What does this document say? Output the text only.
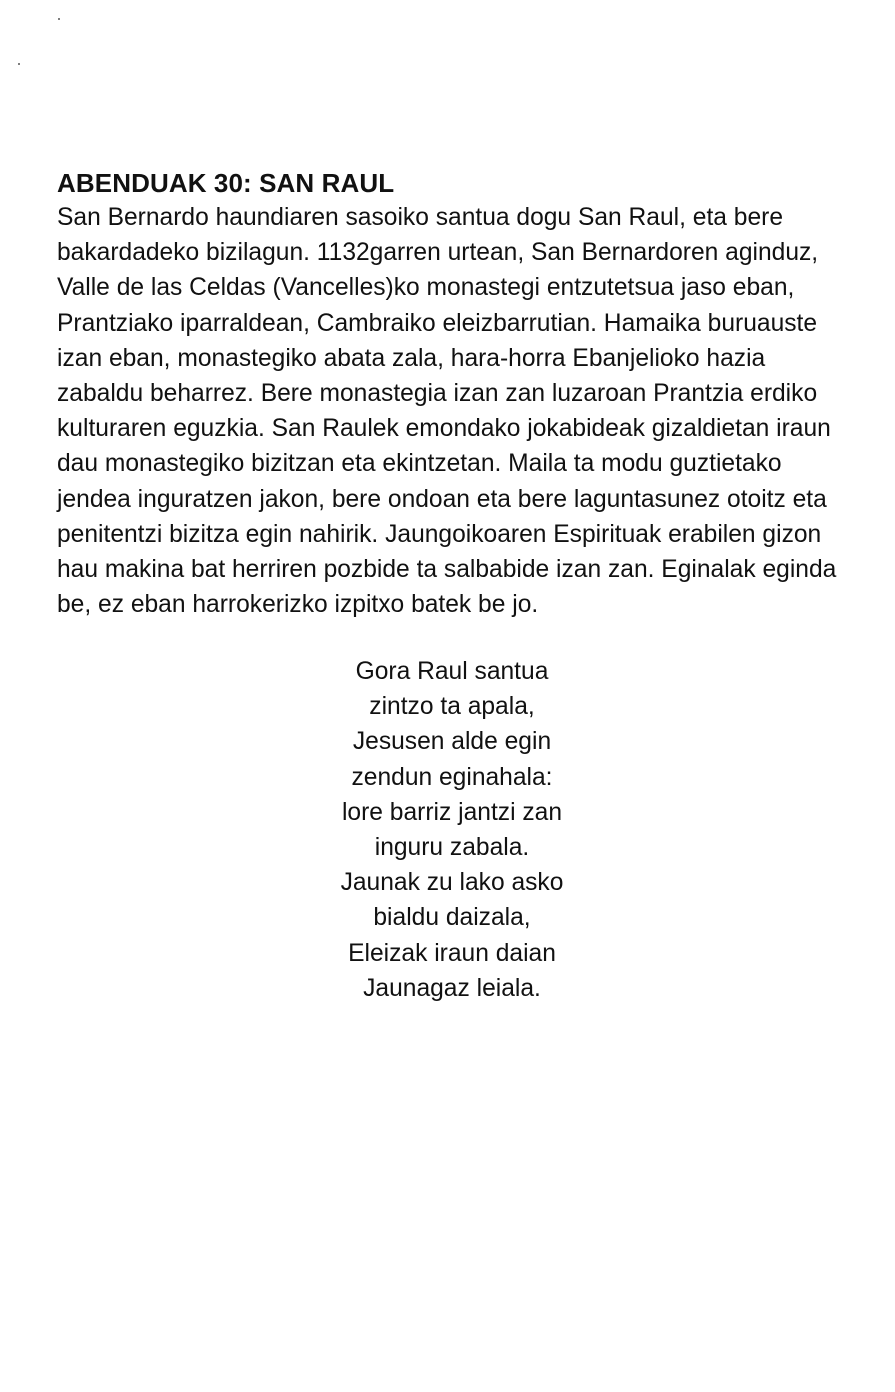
ABENDUAK 30: SAN RAUL
San Bernardo haundiaren sasoiko santua dogu San Raul, eta bere
bakardadeko bizilagun. 1132garren urtean, San Bernardoren aginduz,
Valle de las Celdas (Vancelles)ko monastegi entzutetsua jaso eban,
Prantziako iparraldean, Cambraiko eleizbarrutian. Hamaika buruauste
izan eban, monastegiko abata zala, hara-horra Ebanjelioko hazia
zabaldu beharrez. Bere monastegia izan zan luzaroan Prantzia erdiko
kulturaren eguzkia. San Raulek emondako jokabideak gizaldietan iraun
dau monastegiko bizitzan eta ekintzetan. Maila ta modu guztietako
jendea inguratzen jakon, bere ondoan eta bere laguntasunez otoitz eta
penitentzi bizitza egin nahirik. Jaungoikoaren Espirituak erabilen gizon
hau makina bat herriren pozbide ta salbabide izan zan. Eginalak eginda
be, ez eban harrokerizko izpitxo batek be jo.
Gora Raul santua
zintzo ta apala,
Jesusen alde egin
zendun eginahala:
lore barriz jantzi zan
inguru zabala.
Jaunak zu lako asko
bialdu daizala,
Eleizak iraun daian
Jaunagaz leiala.
